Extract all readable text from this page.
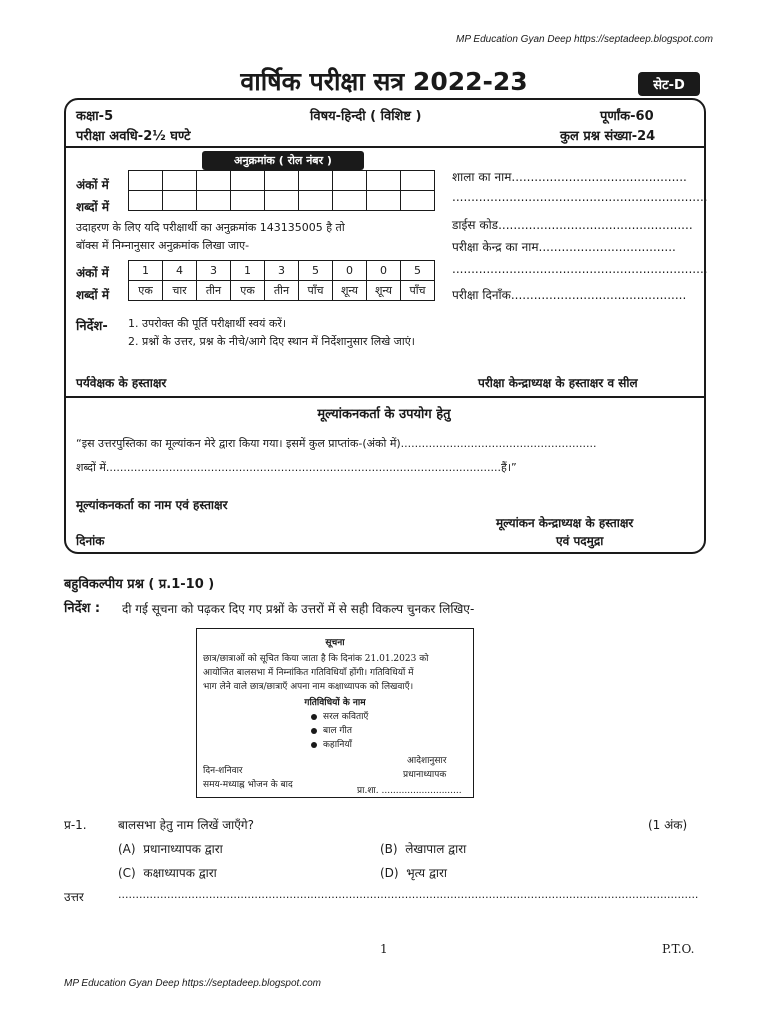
MP Education Gyan Deep https://septadeep.blogspot.com
वार्षिक परीक्षा सत्र 2022-23	सेट-D
कक्षा-5	विषय-हिन्दी ( विशिष्ट )	पूर्णांक-60
परीक्षा अवधि-2½ घण्टे	कुल प्रश्न संख्या-24
अनुक्रमांक ( रोल नंबर )
अंकों में
शब्दों में

उदाहरण के लिए यदि परीक्षार्थी का अनुक्रमांक 143135005 है तो
बॉक्स में निम्नानुसार अनुक्रमांक लिखा जाए-
अंकों में
शब्दों में
1	4	3	1	3	5	0	0	5
एक	चार	तीन	एक	तीन	पाँच	शून्य	शून्य	पाँच
शाला का नाम..............................................
...................................................................
डाईस कोड...................................................
परीक्षा केन्द्र का नाम....................................
...................................................................
परीक्षा दिनाँक..............................................
निर्देश- 1. उपरोक्त की पूर्ति परीक्षार्थी स्वयं करें।
2. प्रश्नों के उत्तर, प्रश्न के नीचे/आगे दिए स्थान में निर्देशानुसार लिखे जाएं।
पर्यवेक्षक के हस्ताक्षर	परीक्षा केन्द्राध्यक्ष के हस्ताक्षर व सील
मूल्यांकनकर्ता के उपयोग हेतु
“इस उत्तरपुस्तिका का मूल्यांकन मेरे द्वारा किया गया। इसमें कुल प्राप्तांक-(अंको में)........................................................
शब्दों में.................................................................................................................हैं।”
मूल्यांकनकर्ता का नाम एवं हस्ताक्षर
मूल्यांकन केन्द्राध्यक्ष के हस्ताक्षर
दिनांक	एवं पदमुद्रा
बहुविकल्पीय प्रश्न ( प्र.1-10 )
निर्देश : दी गई सूचना को पढ़कर दिए गए प्रश्नों के उत्तरों में से सही विकल्प चुनकर लिखिए-
सूचना
छात्र/छात्राओं को सूचित किया जाता है कि दिनांक 21.01.2023 को
आयोजित बालसभा में निम्नांकित गतिविधियाँ होंगी। गतिविधियों में
भाग लेने वाले छात्र/छात्राएँ अपना नाम कक्षाध्यापक को लिखवाएँ।
गतिविधियों के नाम
सरल कविताएँ
बाल गीत
कहानियाँ
आदेशानुसार
दिन-शनिवार	प्रधानाध्यापक
समय-मध्याह्न भोजन के बाद
प्रा.शा. ............................
प्र-1.	बालसभा हेतु नाम लिखें जाएँगे?	(1 अंक)
(A) प्रधानाध्यापक द्वारा	(B) लेखापाल द्वारा
(C) कक्षाध्यापक द्वारा	(D) भृत्य द्वारा
उत्तर	......................................................................................................................................................................
1	P.T.O.
MP Education Gyan Deep https://septadeep.blogspot.com
